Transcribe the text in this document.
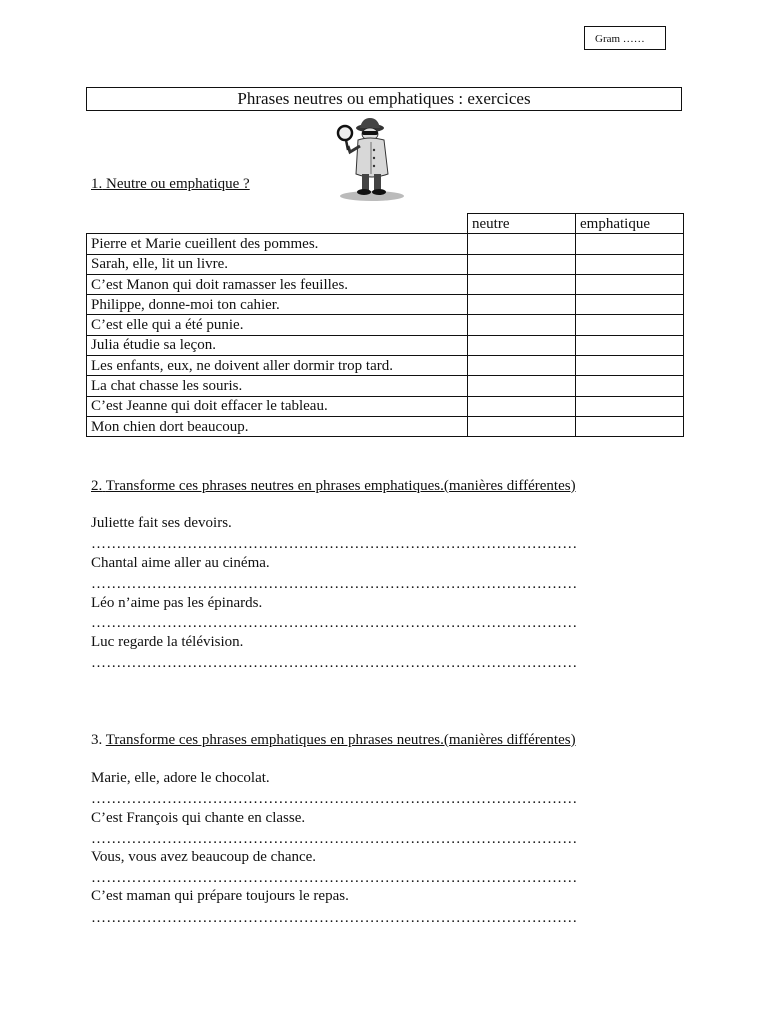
Gram ……
Phrases neutres ou emphatiques : exercices
1. Neutre ou emphatique ?
	neutre	emphatique
Pierre et Marie cueillent des pommes.		
Sarah, elle, lit un livre.		
C’est Manon qui doit ramasser les feuilles.		
Philippe, donne-moi ton cahier.		
C’est elle qui a été punie.		
Julia étudie sa leçon.		
Les enfants, eux, ne doivent aller dormir trop tard.		
La chat chasse les souris.		
C’est Jeanne qui doit effacer le tableau.		
Mon chien dort beaucoup.		
2. Transforme ces phrases neutres en phrases emphatiques.(manières différentes)
Juliette fait ses devoirs.
……………………………………………………………………………………
Chantal aime aller au cinéma.
……………………………………………………………………………………
Léo n’aime pas les épinards.
……………………………………………………………………………………
Luc regarde la télévision.
……………………………………………………………………………………
3. Transforme ces phrases emphatiques en phrases neutres.(manières différentes)
Marie, elle, adore le chocolat.
……………………………………………………………………………………
C’est François qui chante en classe.
……………………………………………………………………………………
Vous, vous avez beaucoup de chance.
……………………………………………………………………………………
C’est maman qui prépare toujours le repas.
……………………………………………………………………………………
